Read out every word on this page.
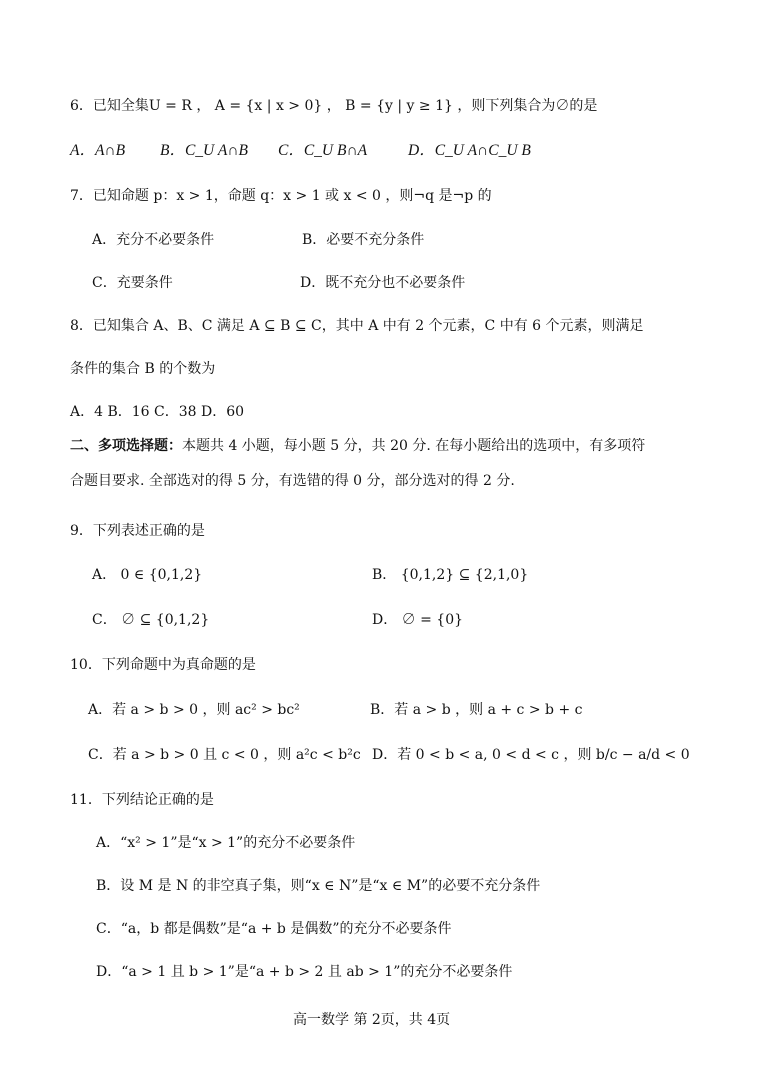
6．已知全集U = R ， A = {x | x > 0} ， B = {y | y ≥ 1} ，则下列集合为∅的是
A．A∩B B．C_U A∩B C．C_U B∩A	D．C_U A∩C_U B
7．已知命题 p：x > 1，命题 q：x > 1 或 x < 0 ，则¬q 是¬p 的
A．充分不必要条件	B．必要不充分条件
C．充要条件	D．既不充分也不必要条件
8．已知集合 A、B、C 满足 A ⊆ B ⊆ C，其中 A 中有 2 个元素，C 中有 6 个元素，则满足
条件的集合 B 的个数为
A．4 B．16 C．38 D．60
二、多项选择题：本题共 4 小题，每小题 5 分，共 20 分. 在每小题给出的选项中，有多项符
合题目要求. 全部选对的得 5 分，有选错的得 0 分，部分选对的得 2 分.
9．下列表述正确的是
A． 0 ∈ {0,1,2}	B． {0,1,2} ⊆ {2,1,0}
C． ∅ ⊆ {0,1,2}	D． ∅ = {0}
10．下列命题中为真命题的是
A．若 a > b > 0 ，则 ac² > bc²	B．若 a > b ，则 a + c > b + c
C．若 a > b > 0 且 c < 0 ，则 a²c < b²c D．若 0 < b < a, 0 < d < c ，则 b/c − a/d < 0
11．下列结论正确的是
A．“x² > 1”是“x > 1”的充分不必要条件
B．设 M 是 N 的非空真子集，则“x ∈ N”是“x ∈ M”的必要不充分条件
C．“a，b 都是偶数”是“a + b 是偶数”的充分不必要条件
D．“a > 1 且 b > 1”是“a + b > 2 且 ab > 1”的充分不必要条件
高一数学 第 2页，共 4页
